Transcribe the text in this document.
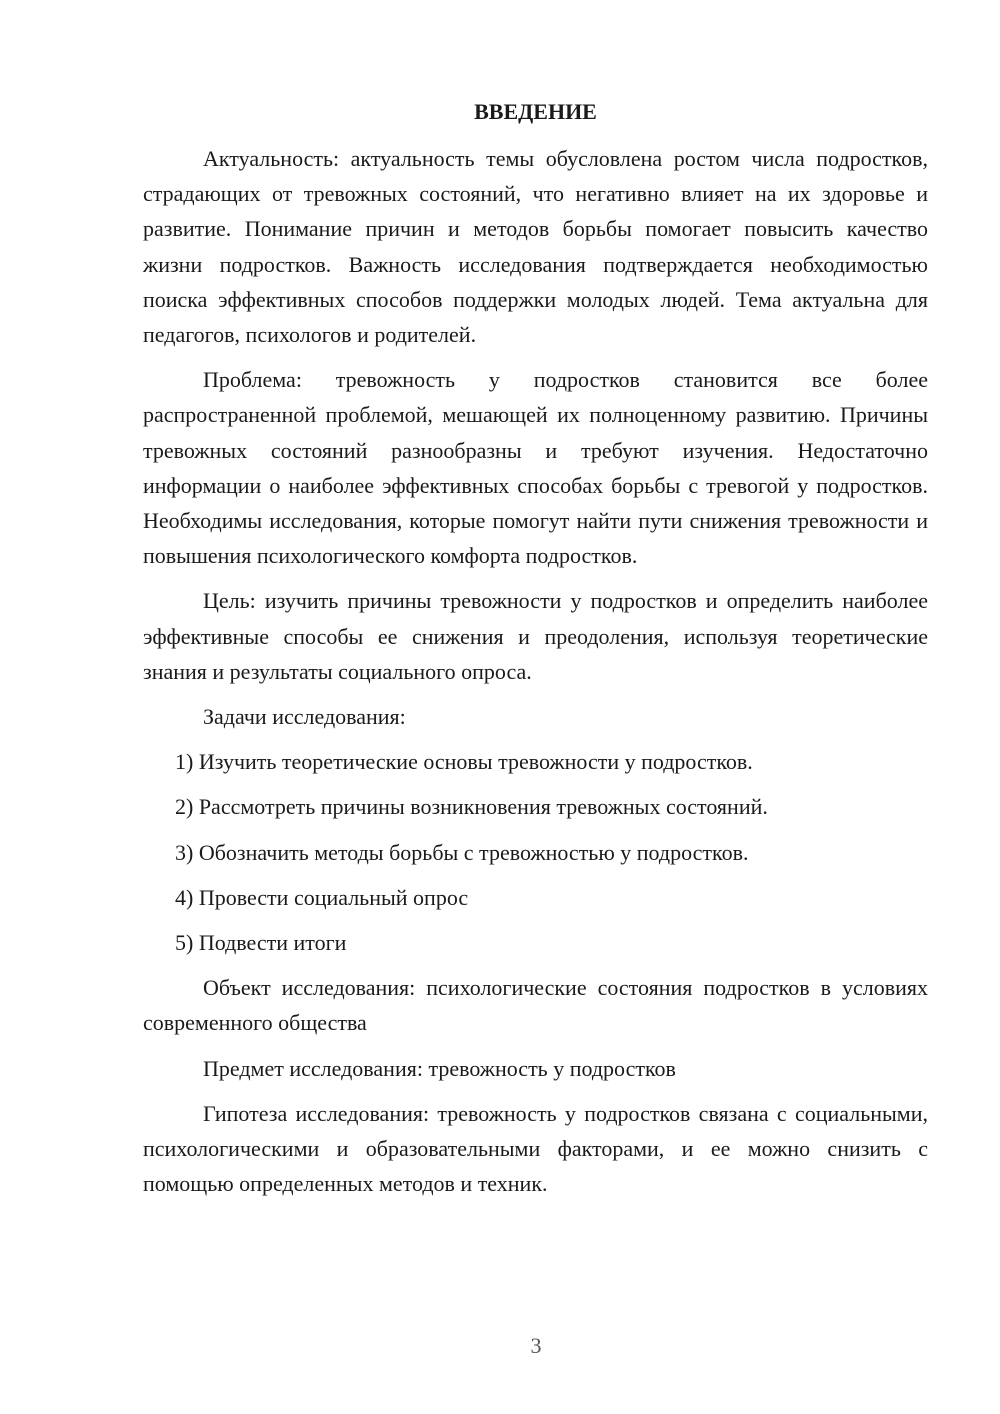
ВВЕДЕНИЕ

Актуальность: актуальность темы обусловлена ростом числа подростков, страдающих от тревожных состояний, что негативно влияет на их здоровье и развитие. Понимание причин и методов борьбы помогает повысить качество жизни подростков. Важность исследования подтверждается необходимостью поиска эффективных способов поддержки молодых людей. Тема актуальна для педагогов, психологов и родителей.

Проблема: тревожность у подростков становится все более распространенной проблемой, мешающей их полноценному развитию. Причины тревожных состояний разнообразны и требуют изучения. Недостаточно информации о наиболее эффективных способах борьбы с тревогой у подростков. Необходимы исследования, которые помогут найти пути снижения тревожности и повышения психологического комфорта подростков.

Цель: изучить причины тревожности у подростков и определить наиболее эффективные способы ее снижения и преодоления, используя теоретические знания и результаты социального опроса.

Задачи исследования:

1) Изучить теоретические основы тревожности у подростков.
2) Рассмотреть причины возникновения тревожных состояний.
3) Обозначить методы борьбы с тревожностью у подростков.
4) Провести социальный опрос
5) Подвести итоги

Объект исследования: психологические состояния подростков в условиях современного общества

Предмет исследования: тревожность у подростков

Гипотеза исследования: тревожность у подростков связана с социальными, психологическими и образовательными факторами, и ее можно снизить с помощью определенных методов и техник.

3
